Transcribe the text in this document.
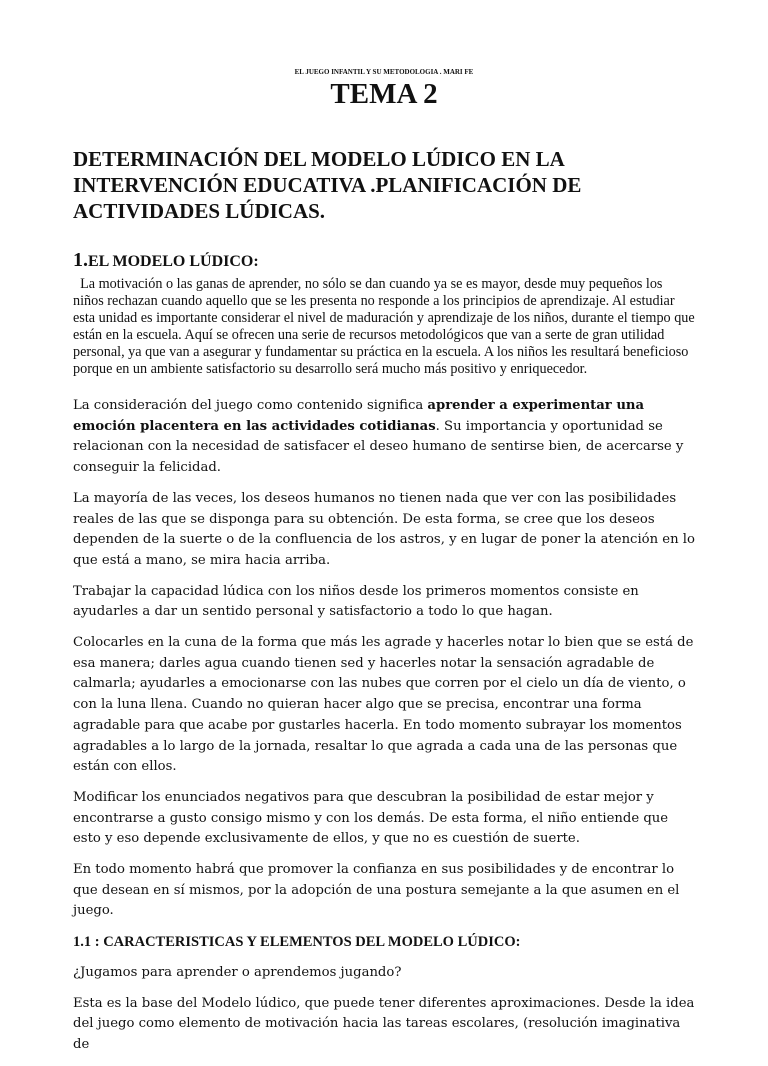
EL JUEGO INFANTIL Y SU METODOLOGIA . MARI FE
TEMA 2
DETERMINACIÓN DEL MODELO LÚDICO EN LA INTERVENCIÓN EDUCATIVA .PLANIFICACIÓN DE ACTIVIDADES LÚDICAS.
1.EL MODELO LÚDICO:

La motivación o las ganas de aprender, no sólo se dan cuando ya se es mayor, desde muy pequeños los niños rechazan cuando aquello que se les presenta no responde a los principios de aprendizaje. Al estudiar esta unidad es importante considerar el nivel de maduración y aprendizaje de los niños, durante el tiempo que están en la escuela. Aquí se ofrecen una serie de recursos metodológicos que van a serte de gran utilidad personal, ya que van a asegurar y fundamentar su práctica en la escuela. A los niños les resultará beneficioso porque en un ambiente satisfactorio su desarrollo será mucho más positivo y enriquecedor.

La consideración del juego como contenido significa aprender a experimentar una emoción placentera en las actividades cotidianas. Su importancia y oportunidad se relacionan con la necesidad de satisfacer el deseo humano de sentirse bien, de acercarse y conseguir la felicidad.

La mayoría de las veces, los deseos humanos no tienen nada que ver con las posibilidades reales de las que se disponga para su obtención. De esta forma, se cree que los deseos dependen de la suerte o de la confluencia de los astros, y en lugar de poner la atención en lo que está a mano, se mira hacia arriba.

Trabajar la capacidad lúdica con los niños desde los primeros momentos consiste en ayudarles a dar un sentido personal y satisfactorio a todo lo que hagan.

Colocarles en la cuna de la forma que más les agrade y hacerles notar lo bien que se está de esa manera; darles agua cuando tienen sed y hacerles notar la sensación agradable de calmarla; ayudarles a emocionarse con las nubes que corren por el cielo un día de viento, o con la luna llena. Cuando no quieran hacer algo que se precisa, encontrar una forma agradable para que acabe por gustarles hacerla. En todo momento subrayar los momentos agradables a lo largo de la jornada, resaltar lo que agrada a cada una de las personas que están con ellos.

Modificar los enunciados negativos para que descubran la posibilidad de estar mejor y encontrarse a gusto consigo mismo y con los demás. De esta forma, el niño entiende que esto y eso depende exclusivamente de ellos, y que no es cuestión de suerte.

En todo momento habrá que promover la confianza en sus posibilidades y de encontrar lo que desean en sí mismos, por la adopción de una postura semejante a la que asumen en el juego.

1.1 : CARACTERISTICAS Y ELEMENTOS DEL MODELO LÚDICO:

¿Jugamos para aprender o aprendemos jugando?

Esta es la base del Modelo lúdico, que puede tener diferentes aproximaciones. Desde la idea del juego como elemento de motivación hacia las tareas escolares, (resolución imaginativa de
